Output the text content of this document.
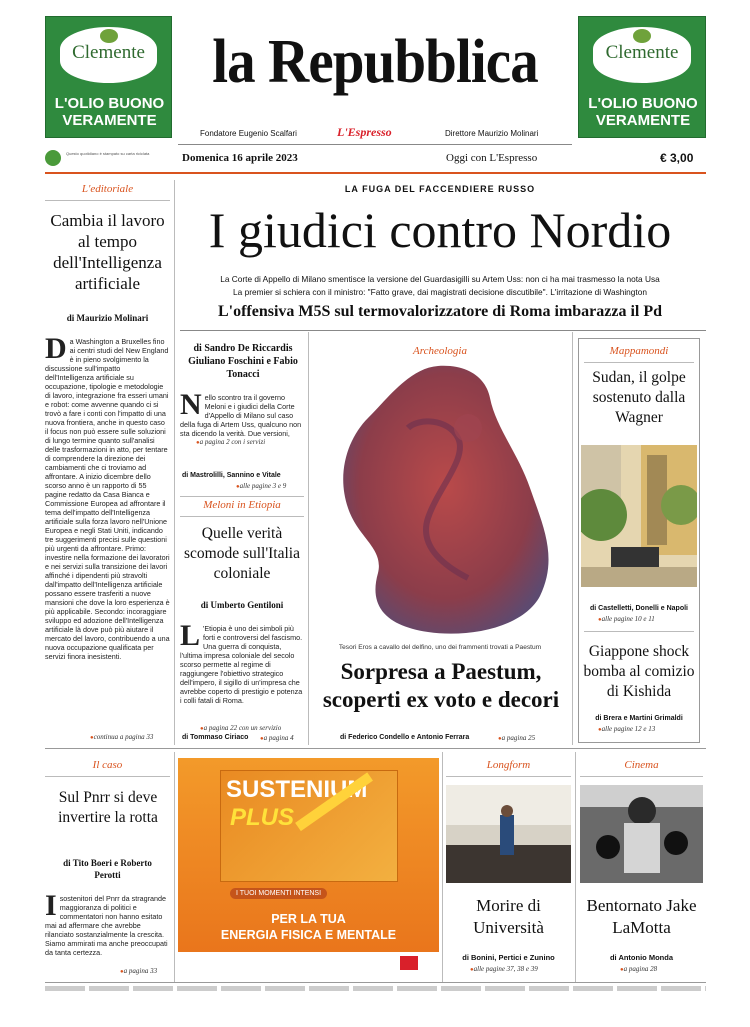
Clemente
L'OLIO BUONO
VERAMENTE
Clemente
L'OLIO BUONO
VERAMENTE
la Repubblica
Fondatore Eugenio Scalfari	L'Espresso	Direttore Maurizio Molinari
Questo quotidiano è stampato su carta riciclata	Domenica 16 aprile 2023	Oggi con L'Espresso	€ 3,00
L'editoriale
Cambia il lavoro al tempo dell'Intelligenza artificiale
di Maurizio Molinari
Da Washington a Bruxelles fino ai centri studi del New England è in pieno svolgimento la discussione sull'impatto dell'Intelligenza artificiale su occupazione, tipologie e metodologie di lavoro, integrazione fra esseri umani e robot: come avvenne quando ci si trovò a fare i conti con l'impatto di una nuova frontiera, anche in questo caso il focus non può essere sulle soluzioni di lungo termine quanto sull'analisi delle trasformazioni in atto, per tentare di comprendere la direzione dei cambiamenti che ci troviamo ad affrontare. A inizio dicembre dello scorso anno è un rapporto di 55 pagine redatto da Casa Bianca e Commissione Europea ad affrontare il tema dell'impatto dell'Intelligenza artificiale sulla forza lavoro nell'Unione Europea e negli Stati Uniti, indicando tre suggerimenti precisi sulle questioni più urgenti da affrontare. Primo: investire nella formazione dei lavoratori e nei servizi sulla transizione dei lavori affinché i dipendenti più stravolti dall'impatto dell'Intelligenza artificiale possano essere trasferiti a nuove mansioni che dove la loro esperienza è più applicabile. Secondo: incoraggiare sviluppo ed adozione dell'Intelligenza artificiale là dove può più aiutare il mercato del lavoro, contribuendo a una nuova occupazione qualificata per servizi finora inesistenti.
● continua a pagina 33
LA FUGA DEL FACCENDIERE RUSSO
I giudici contro Nordio
La Corte di Appello di Milano smentisce la versione del Guardasigilli su Artem Uss: non ci ha mai trasmesso la nota Usa
La premier si schiera con il ministro: "Fatto grave, dai magistrati decisione discutibile". L'irritazione di Washington
L'offensiva M5S sul termovalorizzatore di Roma imbarazza il Pd
di Sandro De Riccardis Giuliano Foschini e Fabio Tonacci
Nello scontro tra il governo Meloni e i giudici della Corte d'Appello di Milano sul caso della fuga di Artem Uss, qualcuno non sta dicendo la verità. Due versioni,
● a pagina 2 con i servizi
di Mastrolilli, Sannino e Vitale
● alle pagine 3 e 9
Meloni in Etiopia
Quelle verità scomode sull'Italia coloniale
di Umberto Gentiloni
L 'Etiopia è uno dei simboli più forti e controversi del fascismo. Una guerra di conquista, l'ultima impresa coloniale del secolo scorso permette al regime di raggiungere l'obiettivo strategico dell'impero, il sigillo di un'impresa che avrebbe coperto di prestigio e potenza i colli fatali di Roma.
● a pagina 22 con un servizio
di Tommaso Ciriaco	● a pagina 4
Archeologia
Tesori Eros a cavallo del delfino, uno dei frammenti trovati a Paestum
Sorpresa a Paestum, scoperti ex voto e decori
di Federico Condello e Antonio Ferrara	● a pagina 25
Mappamondi
Sudan, il golpe sostenuto dalla Wagner
di Castelletti, Donelli e Napoli
● alle pagine 10 e 11
Giappone shock bomba al comizio di Kishida
di Brera e Martini Grimaldi
● alle pagine 12 e 13
Il caso
Sul Pnrr si deve invertire la rotta
di Tito Boeri e Roberto Perotti
I sostenitori del Pnrr da stragrande maggioranza di politici e commentatori non hanno esitato mai ad affermare che avrebbe rilanciato sostanzialmente la crescita. Siamo ammirati ma anche preoccupati da tanta certezza.
● a pagina 33
SUSTENIUM
PLUS
I TUOI MOMENTI INTENSI
PER LA TUA
ENERGIA FISICA E MENTALE
Longform
Morire di Università
di Bonini, Pertici e Zunino
● alle pagine 37, 38 e 39
Cinema
Bentornato Jake LaMotta
di Antonio Monda
● a pagina 28
